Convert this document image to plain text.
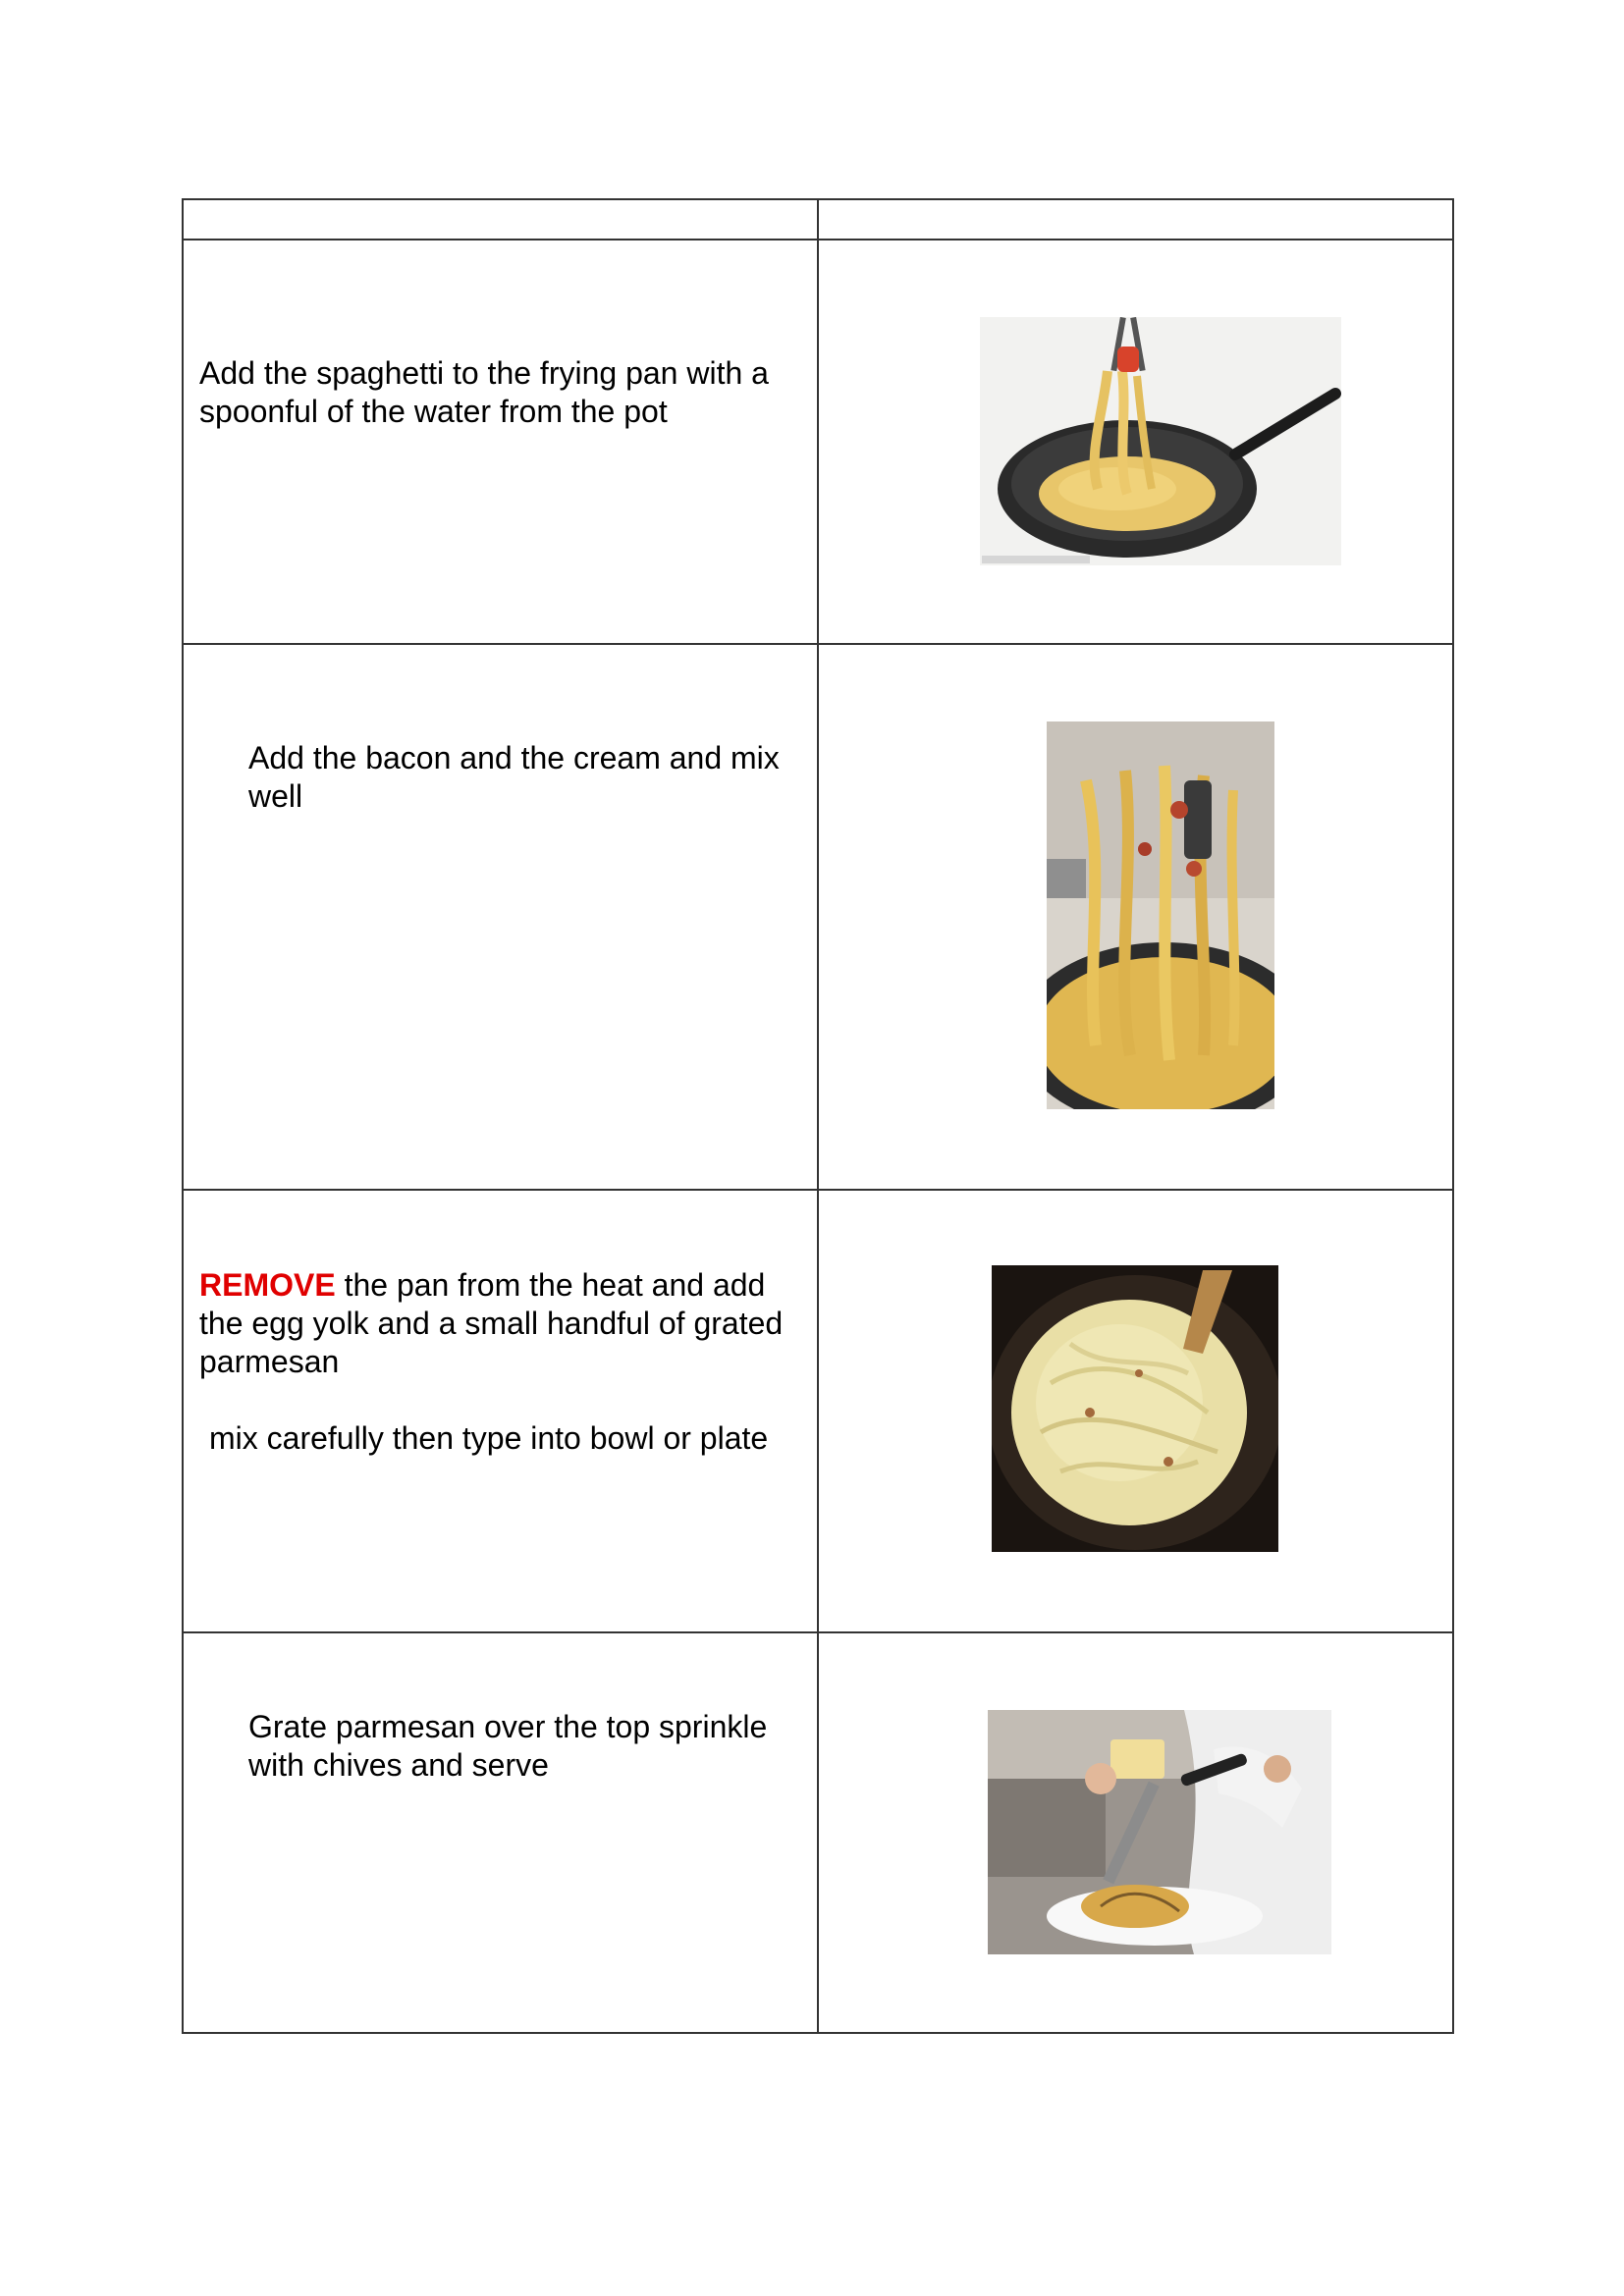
Add the spaghetti to the frying pan with a spoonful of the water from the pot

Add the bacon and the cream and mix well

REMOVE the pan from the heat and add the egg yolk and a small handful of grated parmesan
mix carefully then type into bowl or plate

Grate parmesan over the top sprinkle with chives and serve
